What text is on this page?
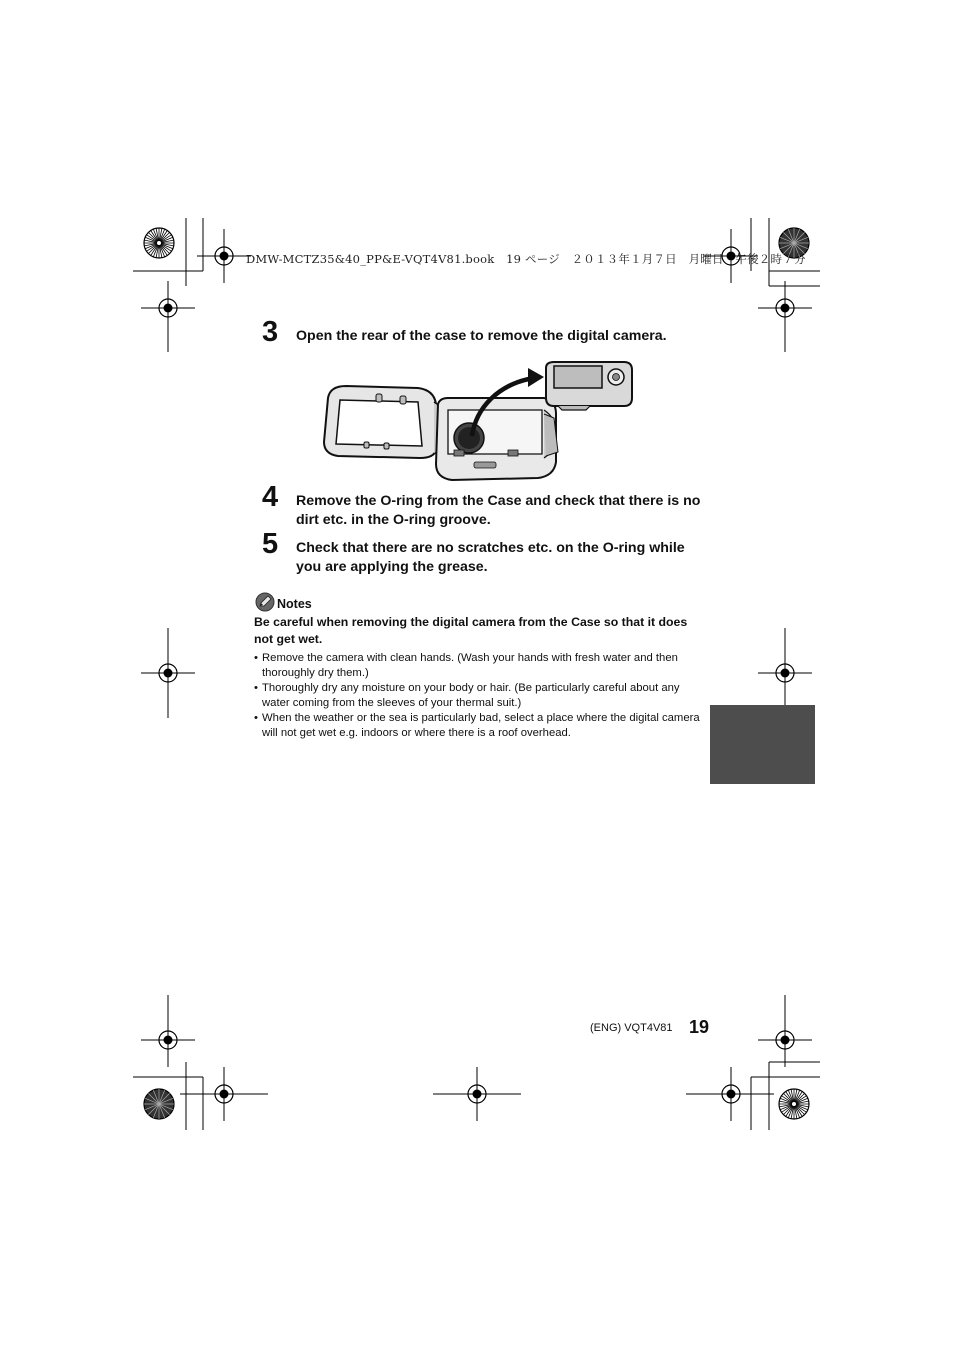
DMW-MCTZ35&40_PP&E-VQT4V81.book　19 ページ　２０１３年１月７日　月曜日　午後２時７分
3 Open the rear of the case to remove the digital camera.
4 Remove the O-ring from the Case and check that there is no dirt etc. in the O-ring groove.
5 Check that there are no scratches etc. on the O-ring while you are applying the grease.
Notes
Be careful when removing the digital camera from the Case so that it does not get wet.
• Remove the camera with clean hands. (Wash your hands with fresh water and then thoroughly dry them.)
• Thoroughly dry any moisture on your body or hair. (Be particularly careful about any water coming from the sleeves of your thermal suit.)
• When the weather or the sea is particularly bad, select a place where the digital camera will not get wet e.g. indoors or where there is a roof overhead.
(ENG) VQT4V81 19
